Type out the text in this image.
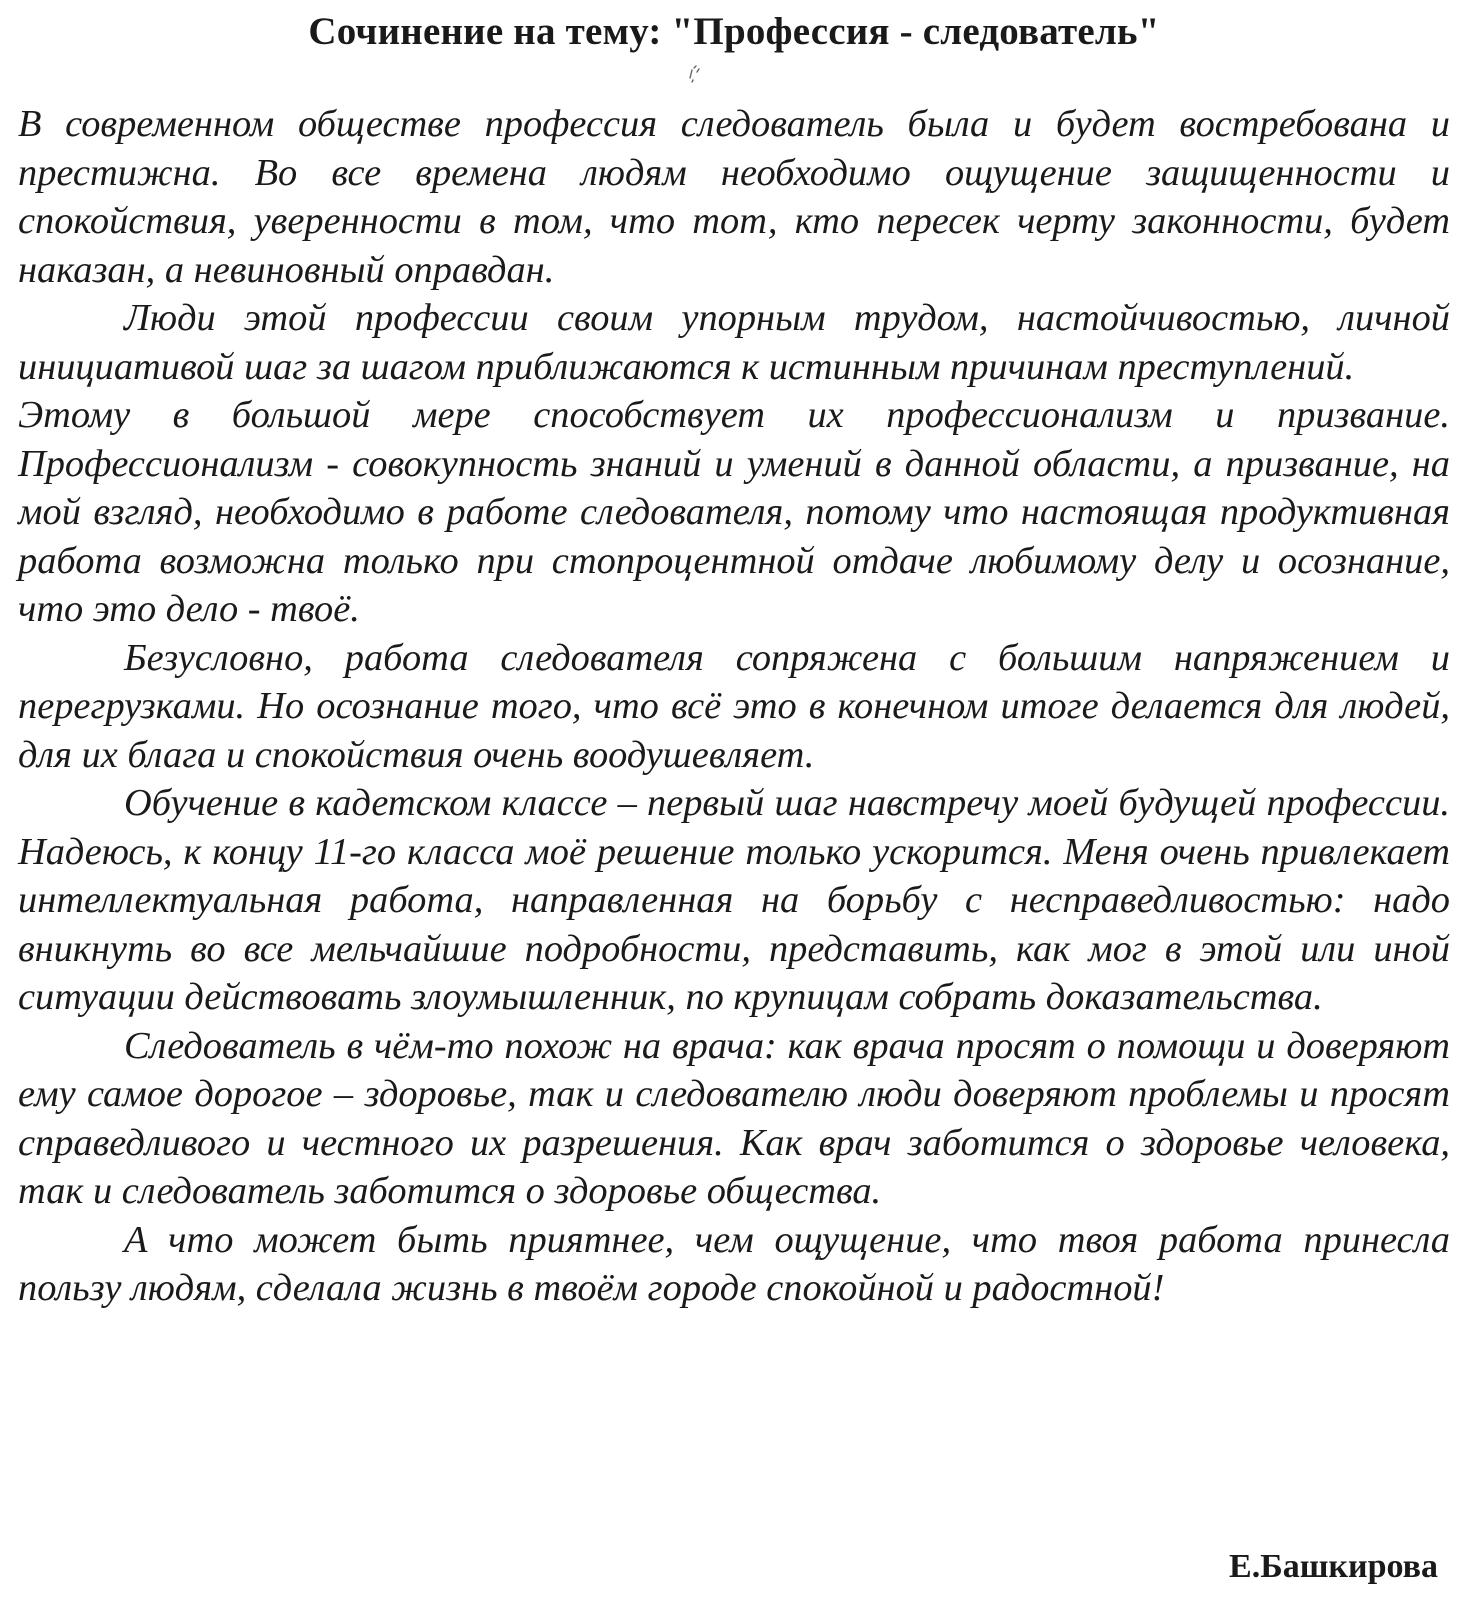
Сочинение на тему: "Профессия - следователь"

В современном обществе профессия следователь была и будет востребована и престижна. Во все времена людям необходимо ощущение защищенности и спокойствия, уверенности в том, что тот, кто пересек черту законности, будет наказан, а невиновный оправдан.

Люди этой профессии своим упорным трудом, настойчивостью, личной инициативой шаг за шагом приближаются к истинным причинам преступлений.

Этому в большой мере способствует их профессионализм и призвание. Профессионализм - совокупность знаний и умений в данной области, а призвание, на мой взгляд, необходимо в работе следователя, потому что настоящая продуктивная работа возможна только при стопроцентной отдаче любимому делу и осознание, что это дело - твоё.

Безусловно, работа следователя сопряжена с большим напряжением и перегрузками. Но осознание того, что всё это в конечном итоге делается для людей, для их блага и спокойствия очень воодушевляет.

Обучение в кадетском классе – первый шаг навстречу моей будущей профессии. Надеюсь, к концу 11-го класса моё решение только ускорится. Меня очень привлекает интеллектуальная работа, направленная на борьбу с несправедливостью: надо вникнуть во все мельчайшие подробности, представить, как мог в этой или иной ситуации действовать злоумышленник, по крупицам собрать доказательства.

Следователь в чём-то похож на врача: как врача просят о помощи и доверяют ему самое дорогое – здоровье, так и следователю люди доверяют проблемы и просят справедливого и честного их разрешения. Как врач заботится о здоровье человека, так и следователь заботится о здоровье общества.

А что может быть приятнее, чем ощущение, что твоя работа принесла пользу людям, сделала жизнь в твоём городе спокойной и радостной!

Е.Башкирова
